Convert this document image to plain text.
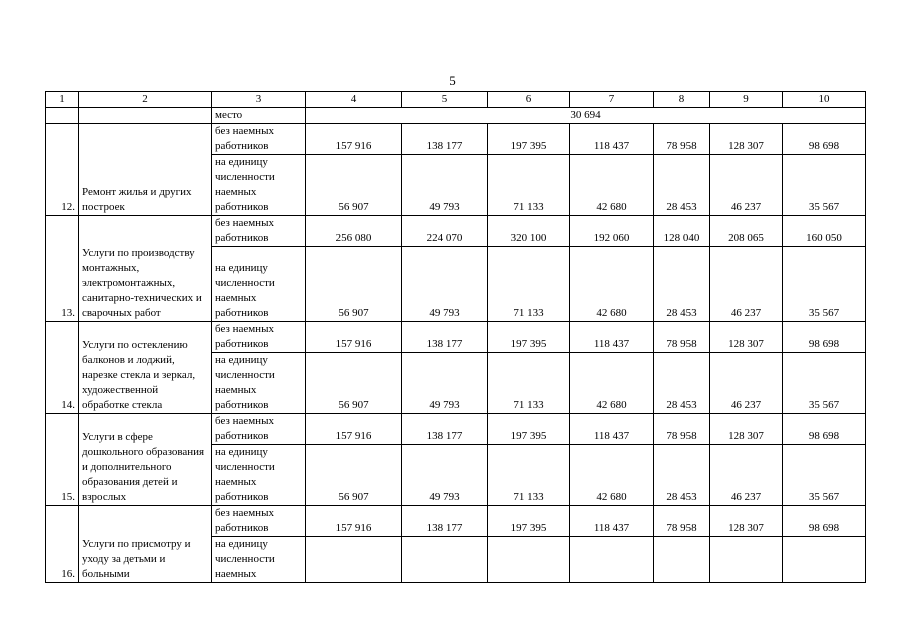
5
1	2	3	4	5	6	7	8	9	10
		место	30 694						
12.	Ремонт жилья и других построек	без наемных работников	157 916	138 177	197 395	118 437	78 958	128 307	98 698
		на единицу численности наемных работников	56 907	49 793	71 133	42 680	28 453	46 237	35 567
13.	Услуги по производству монтажных, электромонтажных, санитарно-технических и сварочных работ	без наемных работников	256 080	224 070	320 100	192 060	128 040	208 065	160 050
		на единицу численности наемных работников	56 907	49 793	71 133	42 680	28 453	46 237	35 567
14.	Услуги по остеклению балконов и лоджий, нарезке стекла и зеркал, художественной обработке стекла	без наемных работников	157 916	138 177	197 395	118 437	78 958	128 307	98 698
		на единицу численности наемных работников	56 907	49 793	71 133	42 680	28 453	46 237	35 567
15.	Услуги в сфере дошкольного образования и дополнительного образования детей и взрослых	без наемных работников	157 916	138 177	197 395	118 437	78 958	128 307	98 698
		на единицу численности наемных работников	56 907	49 793	71 133	42 680	28 453	46 237	35 567
16.	Услуги по присмотру и уходу за детьми и больными	без наемных работников	157 916	138 177	197 395	118 437	78 958	128 307	98 698
		на единицу численности наемных							
